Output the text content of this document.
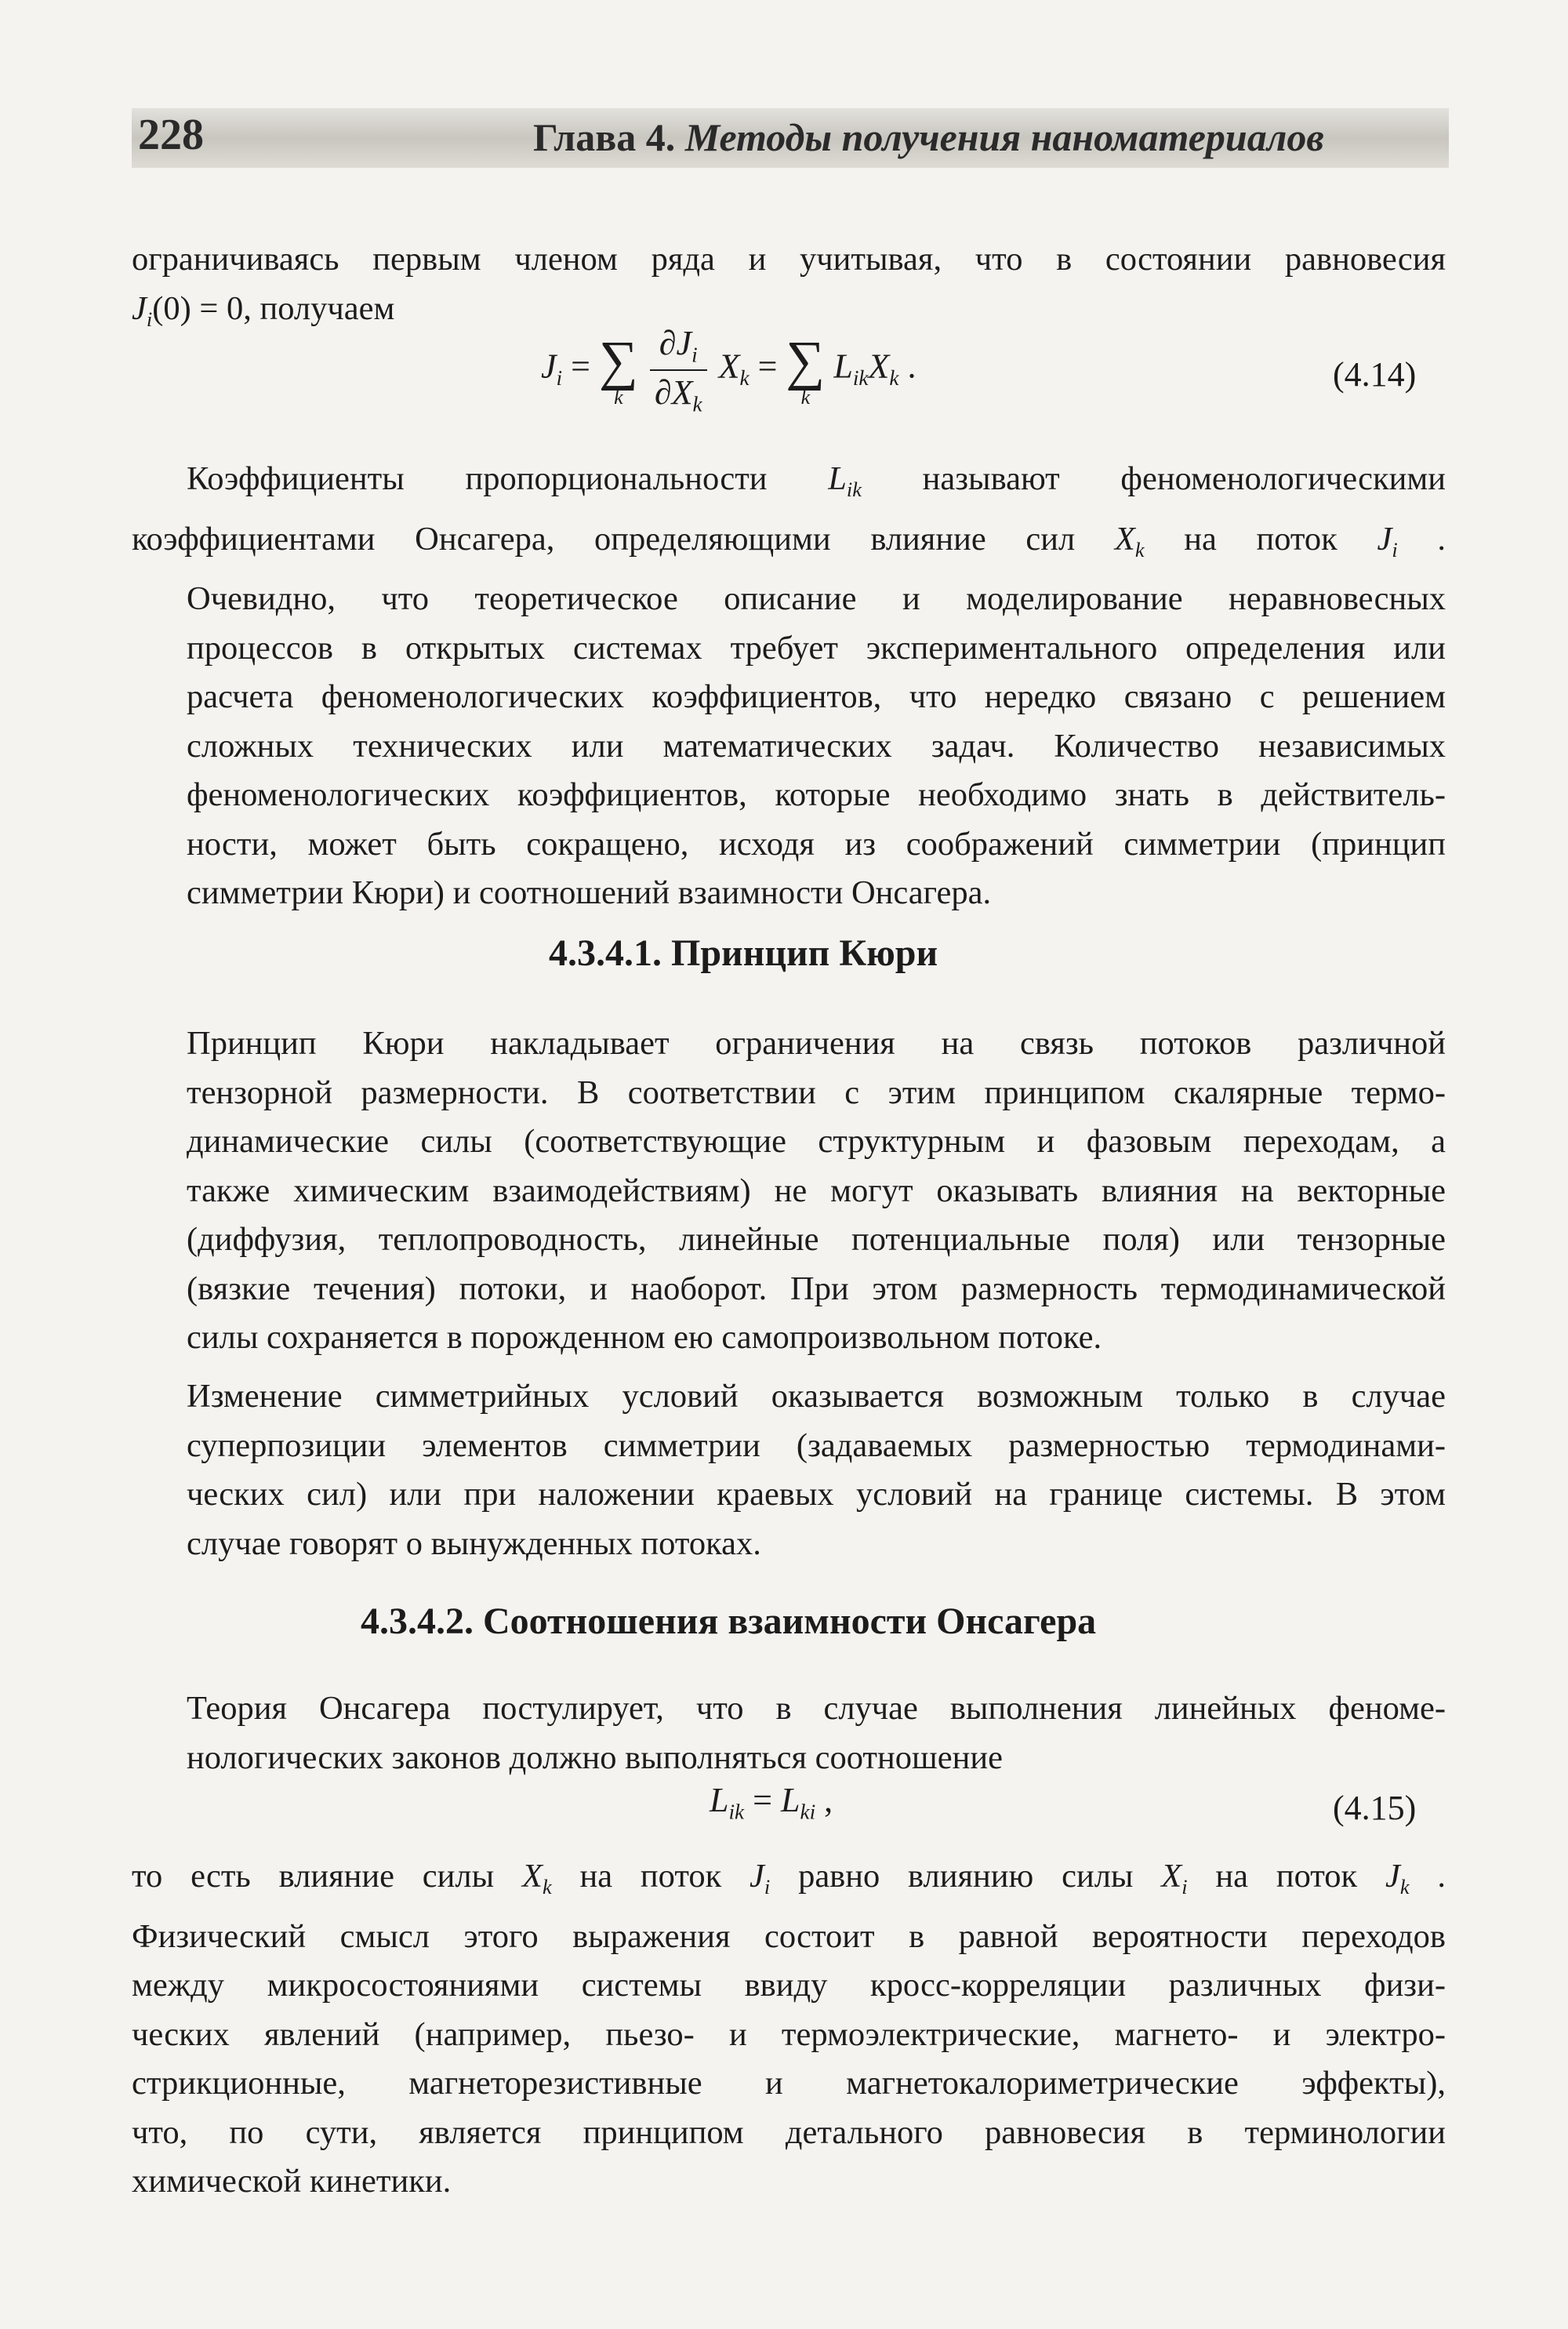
228	Глава 4. Методы получения наноматериалов
ограничиваясь первым членом ряда и учитывая, что в состоянии равновесия
$J_i(0) = 0$, получаем
$J_i$ = ∑
k
$\frac{\partial J_i}{\partial X_k} X_k$ = ∑
k
$L_{ik}X_k$ .	(4.14)
Коэффициенты пропорциональности $L_{ik}$ называют феноменологическими
коэффициентами Онсагера, определяющими влияние сил $X_k$ на поток $J_i$ .
Очевидно, что теоретическое описание и моделирование неравновесных
процессов в открытых системах требует экспериментального определения или
расчета феноменологических коэффициентов, что нередко связано с решением
сложных технических или математических задач. Количество независимых
феноменологических коэффициентов, которые необходимо знать в действитель-
ности, может быть сокращено, исходя из соображений симметрии (принцип
симметрии Кюри) и соотношений взаимности Онсагера.
4.3.4.1. Принцип Кюри
Принцип Кюри накладывает ограничения на связь потоков различной
тензорной размерности. В соответствии с этим принципом скалярные термо-
динамические силы (соответствующие структурным и фазовым переходам, а
также химическим взаимодействиям) не могут оказывать влияния на векторные
(диффузия, теплопроводность, линейные потенциальные поля) или тензорные
(вязкие течения) потоки, и наоборот. При этом размерность термодинамической
силы сохраняется в порожденном ею самопроизвольном потоке.
Изменение симметрийных условий оказывается возможным только в случае
суперпозиции элементов симметрии (задаваемых размерностью термодинами-
ческих сил) или при наложении краевых условий на границе системы. В этом
случае говорят о вынужденных потоках.
4.3.4.2. Соотношения взаимности Онсагера
Теория Онсагера постулирует, что в случае выполнения линейных феноме-
нологических законов должно выполняться соотношение
$L_{ik} = L_{ki}$ ,	(4.15)
то есть влияние силы $X_k$ на поток $J_i$ равно влиянию силы $X_i$ на поток $J_k$ .
Физический смысл этого выражения состоит в равной вероятности переходов
между микросостояниями системы ввиду кросс-корреляции различных физи-
ческих явлений (например, пьезо- и термоэлектрические, магнето- и электро-
стрикционные, магнеторезистивные и магнетокалориметрические эффекты),
что, по сути, является принципом детального равновесия в терминологии
химической кинетики.
